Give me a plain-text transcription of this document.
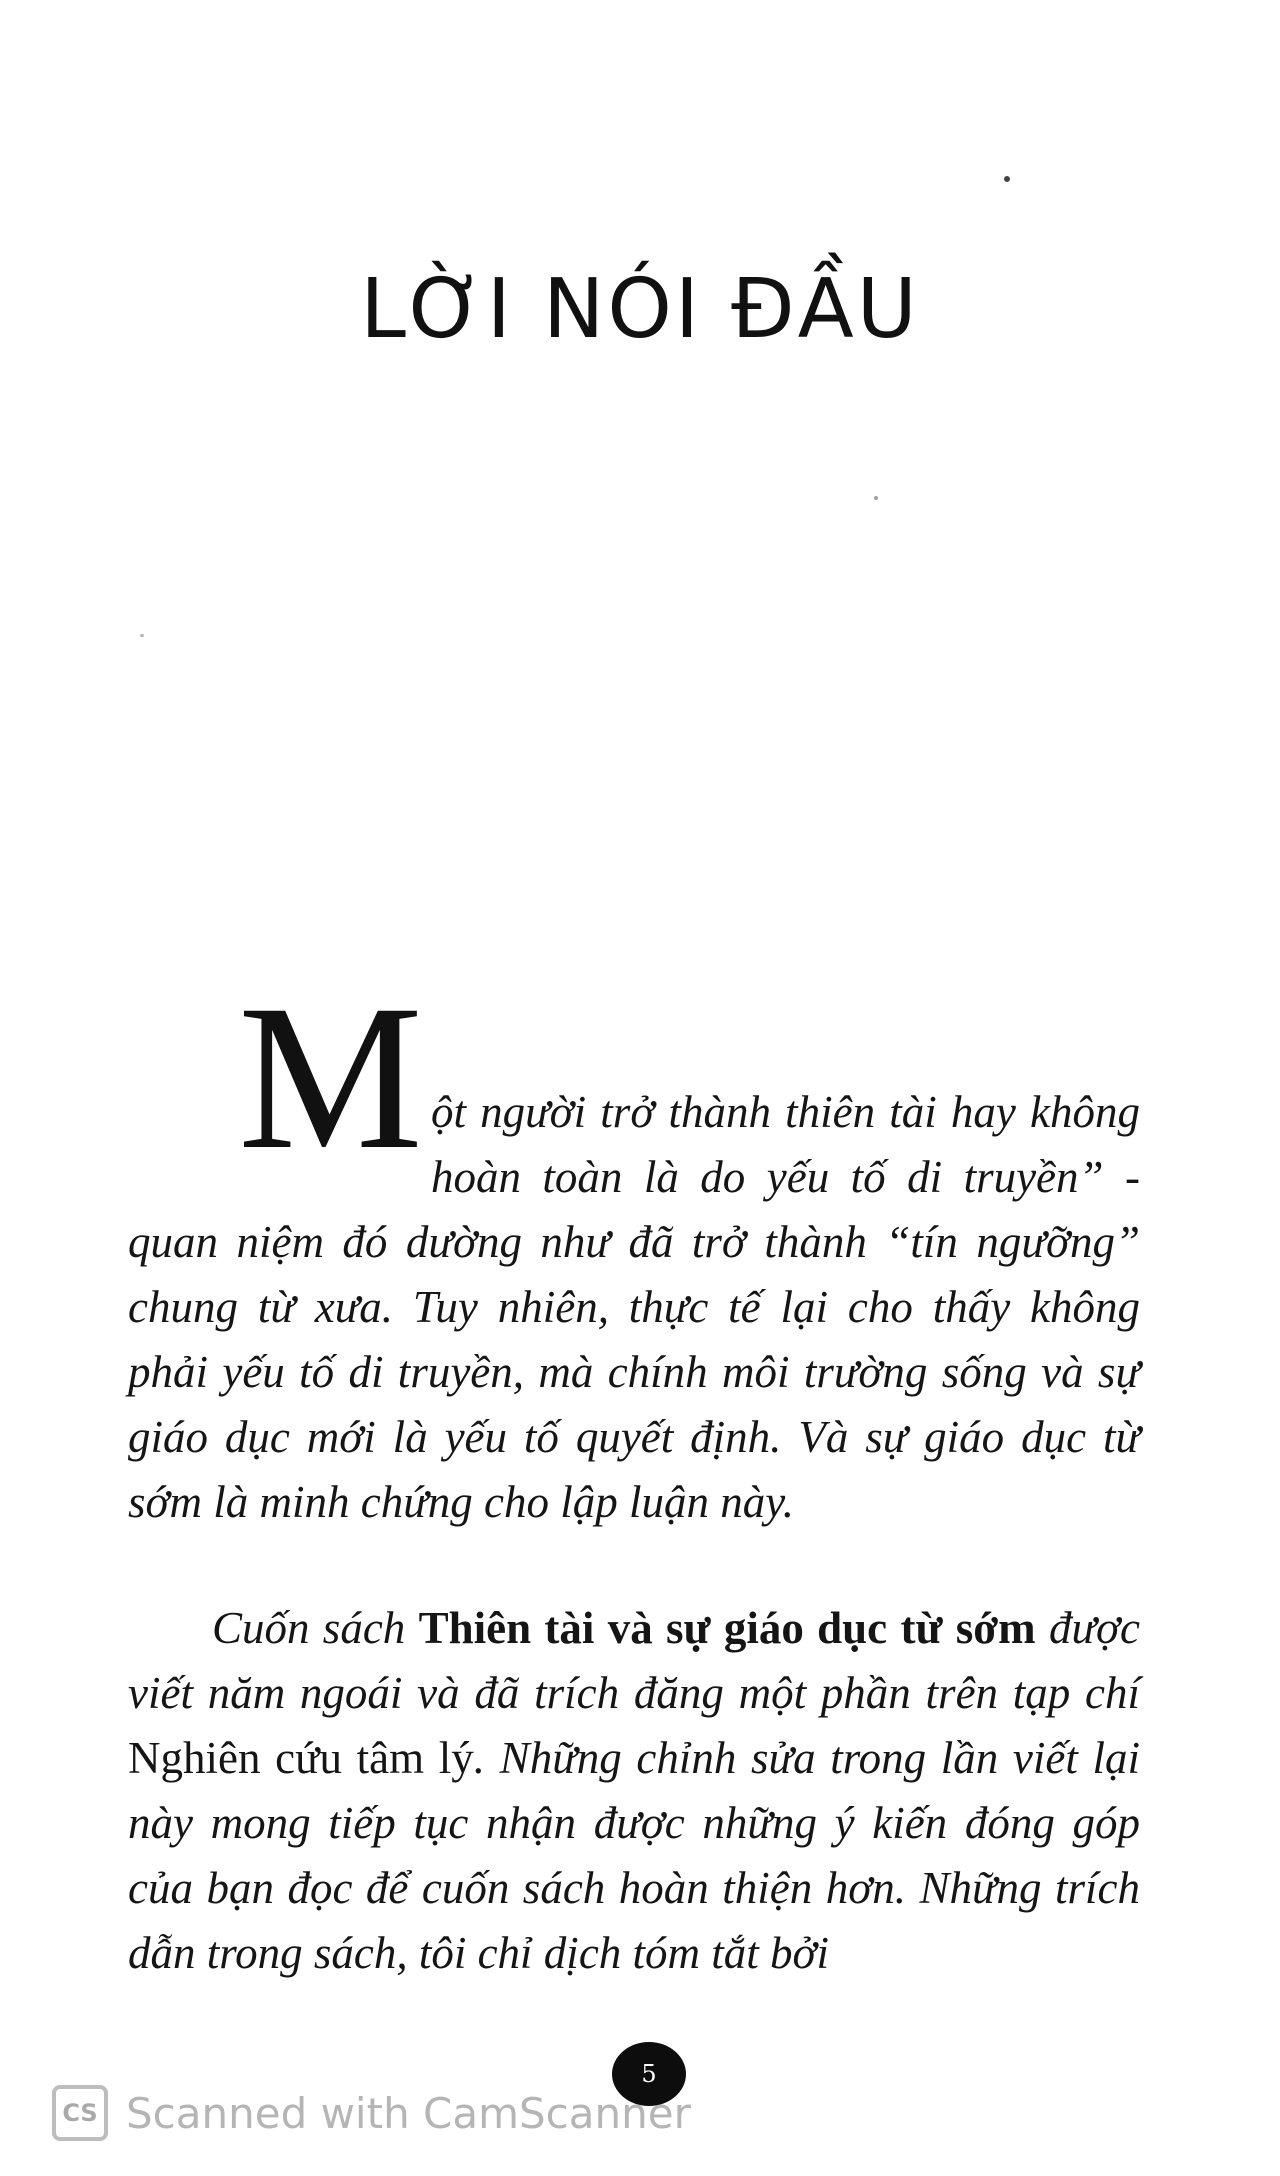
LỜI NÓI ĐẦU

Một người trở thành thiên tài hay không hoàn toàn là do yếu tố di truyền” - quan niệm đó dường như đã trở thành “tín ngưỡng” chung từ xưa. Tuy nhiên, thực tế lại cho thấy không phải yếu tố di truyền, mà chính môi trường sống và sự giáo dục mới là yếu tố quyết định. Và sự giáo dục từ sớm là minh chứng cho lập luận này.

Cuốn sách Thiên tài và sự giáo dục từ sớm được viết năm ngoái và đã trích đăng một phần trên tạp chí Nghiên cứu tâm lý. Những chỉnh sửa trong lần viết lại này mong tiếp tục nhận được những ý kiến đóng góp của bạn đọc để cuốn sách hoàn thiện hơn. Những trích dẫn trong sách, tôi chỉ dịch tóm tắt bởi

5
CS Scanned with CamScanner
